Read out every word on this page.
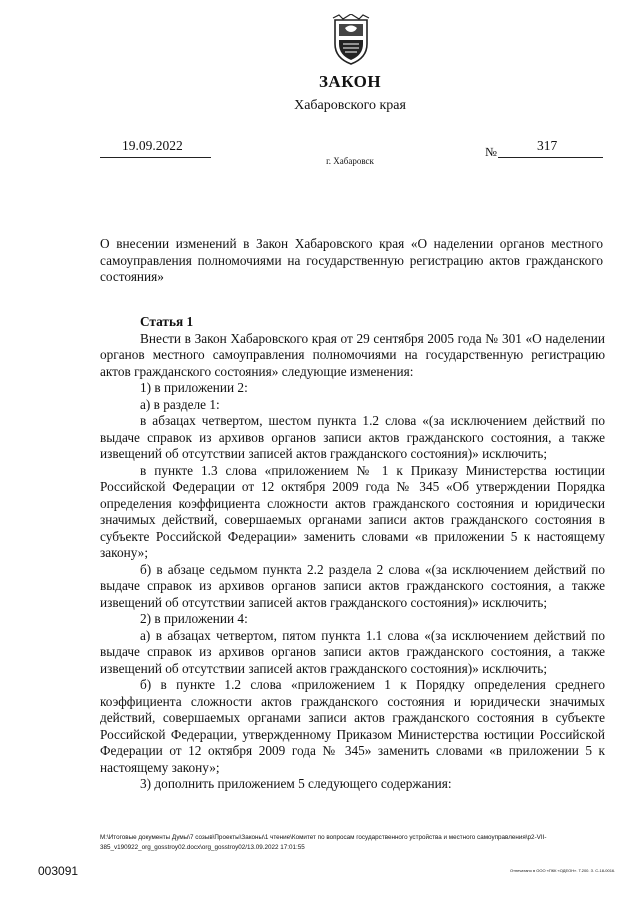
ЗАКОН
Хабаровского края
19.09.2022	№	317
г. Хабаровск
О внесении изменений в Закон Хабаровского края «О наделении органов местного самоуправления полномочиями на государственную регистрацию актов гражданского состояния»

Статья 1

Внести в Закон Хабаровского края от 29 сентября 2005 года № 301 «О наделении органов местного самоуправления полномочиями на государственную регистрацию актов гражданского состояния» следующие изменения:

1) в приложении 2:

а) в разделе 1:

в абзацах четвертом, шестом пункта 1.2 слова «(за исключением действий по выдаче справок из архивов органов записи актов гражданского состояния, а также извещений об отсутствии записей актов гражданского состояния)» исключить;

в пункте 1.3 слова «приложением № 1 к Приказу Министерства юстиции Российской Федерации от 12 октября 2009 года № 345 «Об утверждении Порядка определения коэффициента сложности актов гражданского состояния и юридически значимых действий, совершаемых органами записи актов гражданского состояния в субъекте Российской Федерации» заменить словами «в приложении 5 к настоящему закону»;

б) в абзаце седьмом пункта 2.2 раздела 2 слова «(за исключением действий по выдаче справок из архивов органов записи актов гражданского состояния, а также извещений об отсутствии записей актов гражданского состояния)» исключить;

2) в приложении 4:

а) в абзацах четвертом, пятом пункта 1.1 слова «(за исключением действий по выдаче справок из архивов органов записи актов гражданского состояния, а также извещений об отсутствии записей актов гражданского состояния)» исключить;

б) в пункте 1.2 слова «приложением 1 к Порядку определения среднего коэффициента сложности актов гражданского состояния и юридически значимых действий, совершаемых органами записи актов гражданского состояния в субъекте Российской Федерации, утвержденному Приказом Министерства юстиции Российской Федерации от 12 октября 2009 года № 345» заменить словами «в приложении 5 к настоящему закону»;

3) дополнить приложением 5 следующего содержания:

M:\Итоговые документы Думы\7 созыв\Проекты\Законы\1 чтение\Комитет по вопросам государственного устройства и местного самоуправления\р2-VII-385_v190922_org_gosstroy02.docx\org_gosstroy02/13.09.2022 17:01:55
003091	Отпечатано в ООО «ПКК «ОДЕОН». Т.200. З. С-18-0016.
